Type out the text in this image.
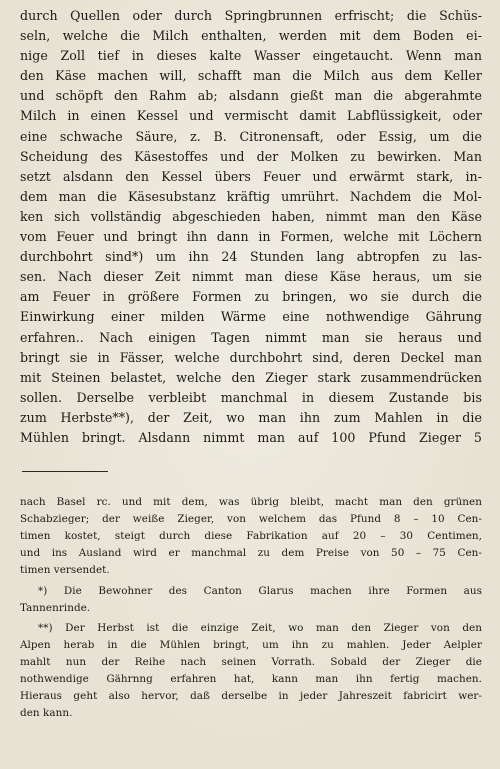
durch Quellen oder durch Springbrunnen erfrischt; die Schüs-
seln, welche die Milch enthalten, werden mit dem Boden ei-
nige Zoll tief in dieses kalte Wasser eingetaucht. Wenn man
den Käse machen will, schafft man die Milch aus dem Keller
und schöpft den Rahm ab; alsdann gießt man die abgerahmte
Milch in einen Kessel und vermischt damit Labflüssigkeit, oder
eine schwache Säure, z. B. Citronensaft, oder Essig, um die
Scheidung des Käsestoffes und der Molken zu bewirken. Man
setzt alsdann den Kessel übers Feuer und erwärmt stark, in-
dem man die Käsesubstanz kräftig umrührt. Nachdem die Mol-
ken sich vollständig abgeschieden haben, nimmt man den Käse
vom Feuer und bringt ihn dann in Formen, welche mit Löchern
durchbohrt sind*) um ihn 24 Stunden lang abtropfen zu las-
sen. Nach dieser Zeit nimmt man diese Käse heraus, um sie
am Feuer in größere Formen zu bringen, wo sie durch die
Einwirkung einer milden Wärme eine nothwendige Gährung
erfahren.. Nach einigen Tagen nimmt man sie heraus und
bringt sie in Fässer, welche durchbohrt sind, deren Deckel man
mit Steinen belastet, welche den Zieger stark zusammendrücken
sollen. Derselbe verbleibt manchmal in diesem Zustande bis
zum Herbste**), der Zeit, wo man ihn zum Mahlen in die
Mühlen bringt. Alsdann nimmt man auf 100 Pfund Zieger 5
nach Basel rc. und mit dem, was übrig bleibt, macht man den grünen
Schabzieger; der weiße Zieger, von welchem das Pfund 8 – 10 Cen-
timen kostet, steigt durch diese Fabrikation auf 20 – 30 Centimen,
und ins Ausland wird er manchmal zu dem Preise von 50 – 75 Cen-
timen versendet.
*) Die Bewohner des Canton Glarus machen ihre Formen aus
Tannenrinde.
**) Der Herbst ist die einzige Zeit, wo man den Zieger von den
Alpen herab in die Mühlen bringt, um ihn zu mahlen. Jeder Aelpler
mahlt nun der Reihe nach seinen Vorrath. Sobald der Zieger die
nothwendige Gährnng erfahren hat, kann man ihn fertig machen.
Hieraus geht also hervor, daß derselbe in jeder Jahreszeit fabricirt wer-
den kann.
